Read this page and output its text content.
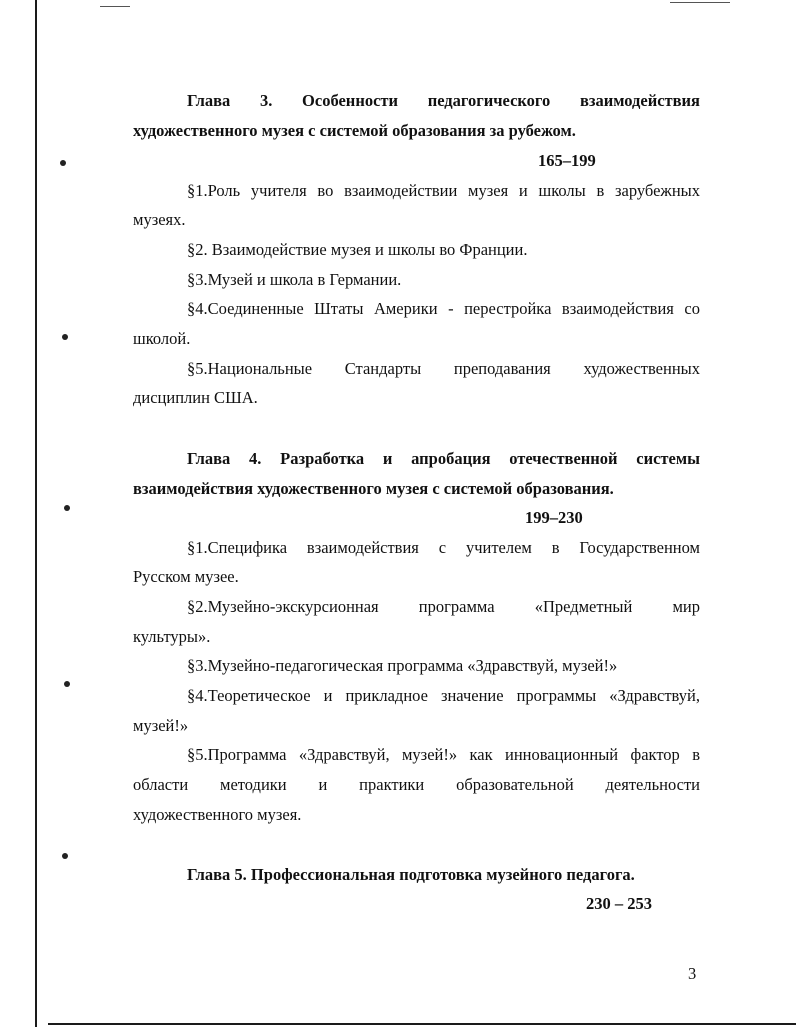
Глава 3. Особенности педагогического взаимодействия
художественного музея с системой образования за рубежом.
165–199
§1.Роль учителя во взаимодействии музея и школы в зарубежных
музеях.
§2. Взаимодействие музея и школы во Франции.
§3.Музей и школа в Германии.
§4.Соединенные Штаты Америки - перестройка взаимодействия со
школой.
§5.Национальные Стандарты преподавания художественных
дисциплин США.
Глава 4. Разработка и апробация отечественной системы
взаимодействия художественного музея с системой образования.
199–230
§1.Специфика взаимодействия с учителем в Государственном
Русском музее.
§2.Музейно-экскурсионная программа «Предметный мир
культуры».
§3.Музейно-педагогическая программа «Здравствуй, музей!»
§4.Теоретическое и прикладное значение программы «Здравствуй,
музей!»
§5.Программа «Здравствуй, музей!» как инновационный фактор в
области методики и практики образовательной деятельности
художественного музея.
Глава 5. Профессиональная подготовка музейного педагога.
230 – 253
3
